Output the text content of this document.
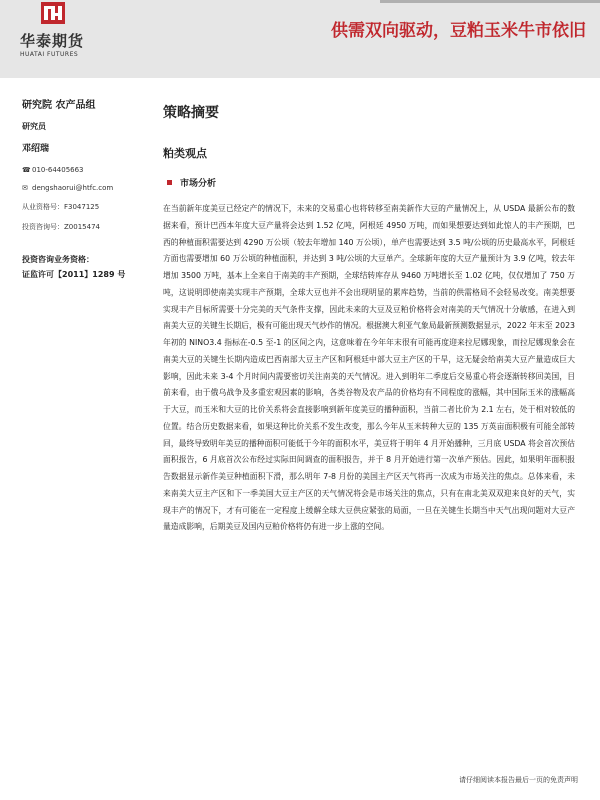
华泰期货
HUATAI FUTURES
供需双向驱动，豆粕玉米牛市依旧
研究院 农产品组
研究员
邓绍瑞
☎010-64405663
✉ dengshaorui@htfc.com
从业资格号：F3047125
投资咨询号：Z0015474
投资咨询业务资格：
证监许可【2011】1289 号
策略摘要
粕类观点
市场分析
在当前新年度美豆已经定产的情况下，未来的交易重心也将转移至南美新作大豆的产量情况上，从 USDA 最新公布的数据来看，预计巴西本年度大豆产量将会达到 1.52 亿吨，阿根廷 4950 万吨，而如果想要达到如此惊人的丰产预期，巴西的种植面积需要达到 4290 万公顷（较去年增加 140 万公顷），单产也需要达到 3.5 吨/公顷的历史最高水平，阿根廷方面也需要增加 60 万公顷的种植面积，并达到 3 吨/公顷的大豆单产。全球新年度的大豆产量预计为 3.9 亿吨，较去年增加 3500 万吨，基本上全来自于南美的丰产预期，全球结转库存从 9460 万吨增长至 1.02 亿吨，仅仅增加了 750 万吨，这说明即使南美实现丰产预期，全球大豆也并不会出现明显的累库趋势，当前的供需格局不会轻易改变。南美想要实现丰产目标所需要十分完美的天气条件支撑，因此未来的大豆及豆粕价格将会对南美的天气情况十分敏感，在进入到南美大豆的关键生长期后，极有可能出现天气炒作的情况。根据澳大利亚气象局最新预测数据显示，2022 年末至 2023 年初的 NINO3.4 指标在-0.5 至-1 的区间之内，这意味着在今年年末很有可能再度迎来拉尼娜现象，而拉尼娜现象会在南美大豆的关键生长期内造成巴西南部大豆主产区和阿根廷中部大豆主产区的干旱，这无疑会给南美大豆产量造成巨大影响，因此未来 3-4 个月时间内需要密切关注南美的天气情况。进入到明年二季度后交易重心将会逐渐转移回美国，目前来看，由于俄乌战争及多重宏观因素的影响，各类谷物及农产品的价格均有不同程度的涨幅，其中国际玉米的涨幅高于大豆，而玉米和大豆的比价关系将会直接影响到新年度美豆的播种面积，当前二者比价为 2.1 左右，处于相对较低的位置。结合历史数据来看，如果这种比价关系不发生改变，那么今年从玉米转种大豆的 135 万英亩面积极有可能全部转回，最终导致明年美豆的播种面积可能低于今年的面积水平，美豆将于明年 4 月开始播种，三月底 USDA 将会首次预估面积报告，6 月底首次公布经过实际田间调查的面积报告，并于 8 月开始进行第一次单产预估。因此，如果明年面积报告数据显示新作美豆种植面积下滑，那么明年 7-8 月份的美国主产区天气将再一次成为市场关注的焦点。总体来看，未来南美大豆主产区和下一季美国大豆主产区的天气情况将会是市场关注的焦点，只有在南北美双双迎来良好的天气，实现丰产的情况下，才有可能在一定程度上缓解全球大豆供应紧张的局面，一旦在关键生长期当中天气出现问题对大豆产量造成影响，后期美豆及国内豆粕价格将仍有进一步上涨的空间。
请仔细阅读本报告最后一页的免责声明
